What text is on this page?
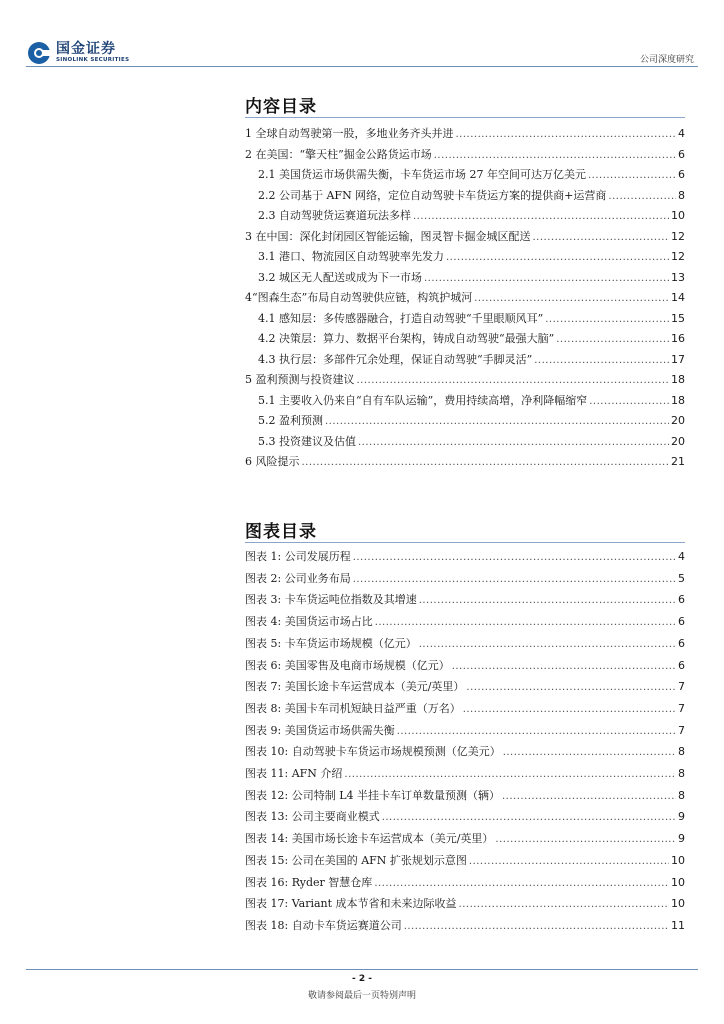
国金证券
SINOLINK SECURITIES	公司深度研究
内容目录
1 全球自动驾驶第一股，多地业务齐头并进 .....	4
2 在美国：“擎天柱”掘金公路货运市场 .....	6
2.1 美国货运市场供需失衡，卡车货运市场 27 年空间可达万亿美元 .....	6
2.2 公司基于 AFN 网络，定位自动驾驶卡车货运方案的提供商+运营商 .....	8
2.3 自动驾驶货运赛道玩法多样 .....	10
3 在中国：深化封闭园区智能运输，图灵智卡掘金城区配送 .....	12
3.1 港口、物流园区自动驾驶率先发力 .....	12
3.2 城区无人配送或成为下一市场 .....	13
4“图森生态”布局自动驾驶供应链，构筑护城河 .....	14
4.1 感知层：多传感器融合，打造自动驾驶“千里眼顺风耳” .....	15
4.2 决策层：算力、数据平台架构，铸成自动驾驶“最强大脑” .....	16
4.3 执行层：多部件冗余处理，保证自动驾驶“手脚灵活” .....	17
5 盈利预测与投资建议 .....	18
5.1 主要收入仍来自“自有车队运输”，费用持续高增，净利降幅缩窄 .....	18
5.2 盈利预测 .....	20
5.3 投资建议及估值 .....	20
6 风险提示 .....	21
图表目录
图表 1: 公司发展历程 .....	4
图表 2: 公司业务布局 .....	5
图表 3: 卡车货运吨位指数及其增速 .....	6
图表 4: 美国货运市场占比 .....	6
图表 5: 卡车货运市场规模（亿元） .....	6
图表 6: 美国零售及电商市场规模（亿元） .....	6
图表 7: 美国长途卡车运营成本（美元/英里） .....	7
图表 8: 美国卡车司机短缺日益严重（万名） .....	7
图表 9: 美国货运市场供需失衡 .....	7
图表 10: 自动驾驶卡车货运市场规模预测（亿美元） .....	8
图表 11: AFN 介绍 .....	8
图表 12: 公司特制 L4 半挂卡车订单数量预测（辆） .....	8
图表 13: 公司主要商业模式 .....	9
图表 14: 美国市场长途卡车运营成本（美元/英里） .....	9
图表 15: 公司在美国的 AFN 扩张规划示意图 .....	10
图表 16: Ryder 智慧仓库 .....	10
图表 17: Variant 成本节省和未来边际收益 .....	10
图表 18: 自动卡车货运赛道公司 .....	11
- 2 -
敬请参阅最后一页特别声明
